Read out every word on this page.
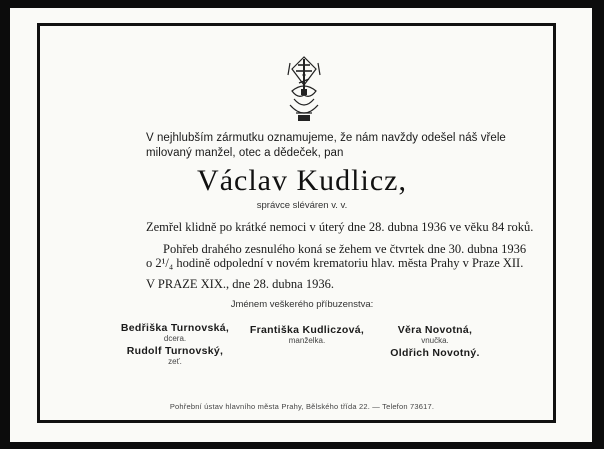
V nejhlubším zármutku oznamujeme, že nám navždy odešel náš vřele
milovaný manžel, otec a dědeček, pan
Václav Kudlicz,
správce sléváren v. v.
Zemřel klidně po krátké nemoci v úterý dne 28. dubna 1936 ve věku 84 roků.
Pohřeb drahého zesnulého koná se žehem ve čtvrtek dne 30. dubna 1936
o 2¹/₄ hodině odpolední v novém krematoriu hlav. města Prahy v Praze XII.
V PRAZE XIX., dne 28. dubna 1936.
Jménem veškerého příbuzenstva:
Bedřiška Turnovská,
dcera.
Rudolf Turnovský,
zeť.
Františka Kudliczová,
manželka.
Věra Novotná,
vnučka.
Oldřich Novotný.
Pohřební ústav hlavního města Prahy, Bělského třída 22. — Telefon 73617.
